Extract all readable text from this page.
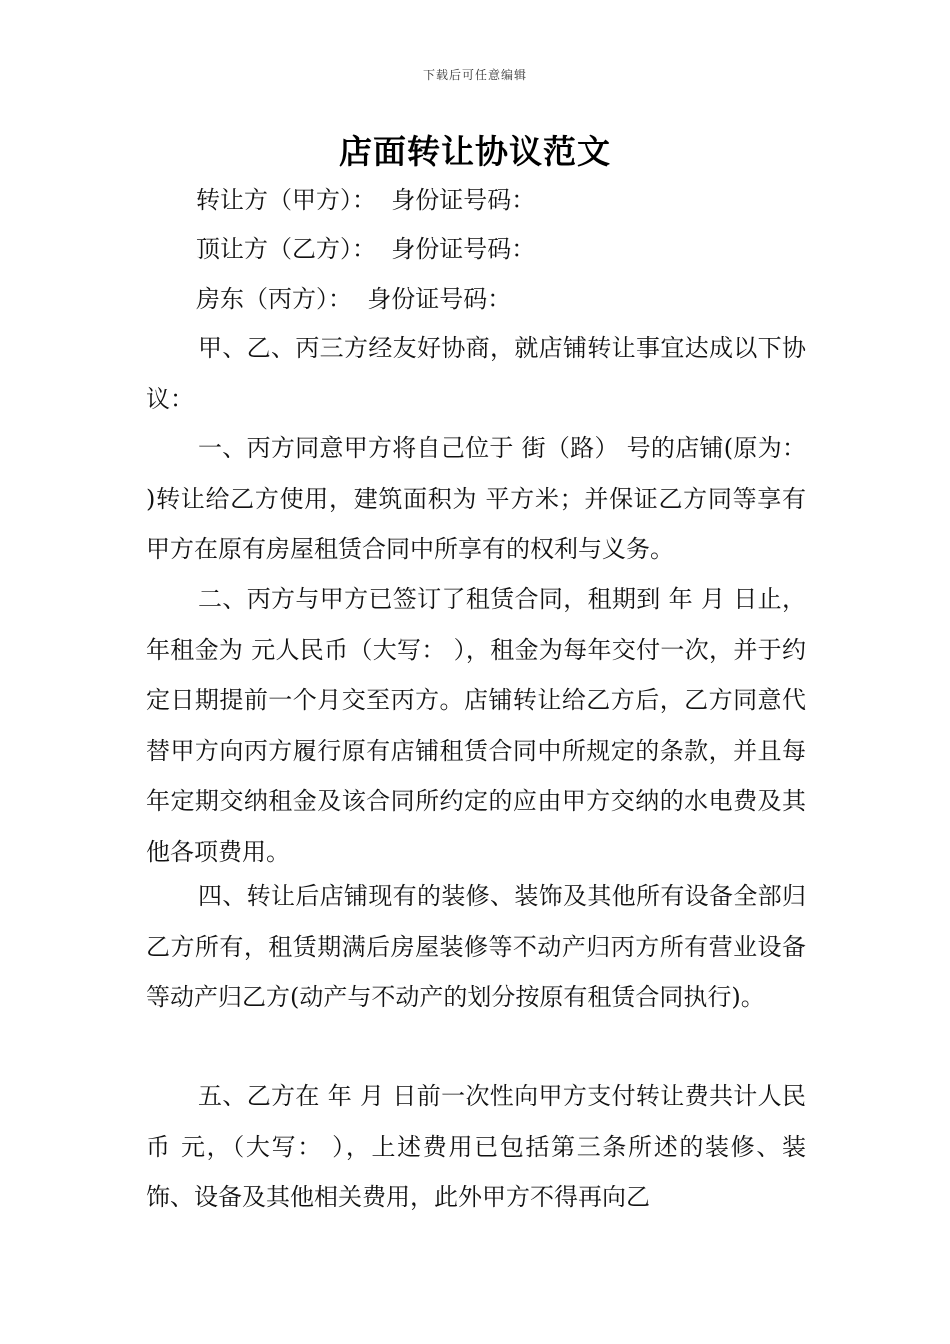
下载后可任意编辑
店面转让协议范文

转让方（甲方）：  身份证号码：

顶让方（乙方）：  身份证号码：

房东（丙方）：  身份证号码：

甲、乙、丙三方经友好协商，就店铺转让事宜达成以下协议：

一、丙方同意甲方将自己位于 街（路） 号的店铺(原为： )转让给乙方使用，建筑面积为 平方米；并保证乙方同等享有甲方在原有房屋租赁合同中所享有的权利与义务。

二、丙方与甲方已签订了租赁合同，租期到 年 月 日止，年租金为 元人民币（大写： ），租金为每年交付一次，并于约定日期提前一个月交至丙方。店铺转让给乙方后，乙方同意代替甲方向丙方履行原有店铺租赁合同中所规定的条款，并且每年定期交纳租金及该合同所约定的应由甲方交纳的水电费及其他各项费用。

四、转让后店铺现有的装修、装饰及其他所有设备全部归乙方所有，租赁期满后房屋装修等不动产归丙方所有营业设备等动产归乙方(动产与不动产的划分按原有租赁合同执行)。

五、乙方在 年 月 日前一次性向甲方支付转让费共计人民币 元，（大写： ），上述费用已包括第三条所述的装修、装饰、设备及其他相关费用，此外甲方不得再向乙
